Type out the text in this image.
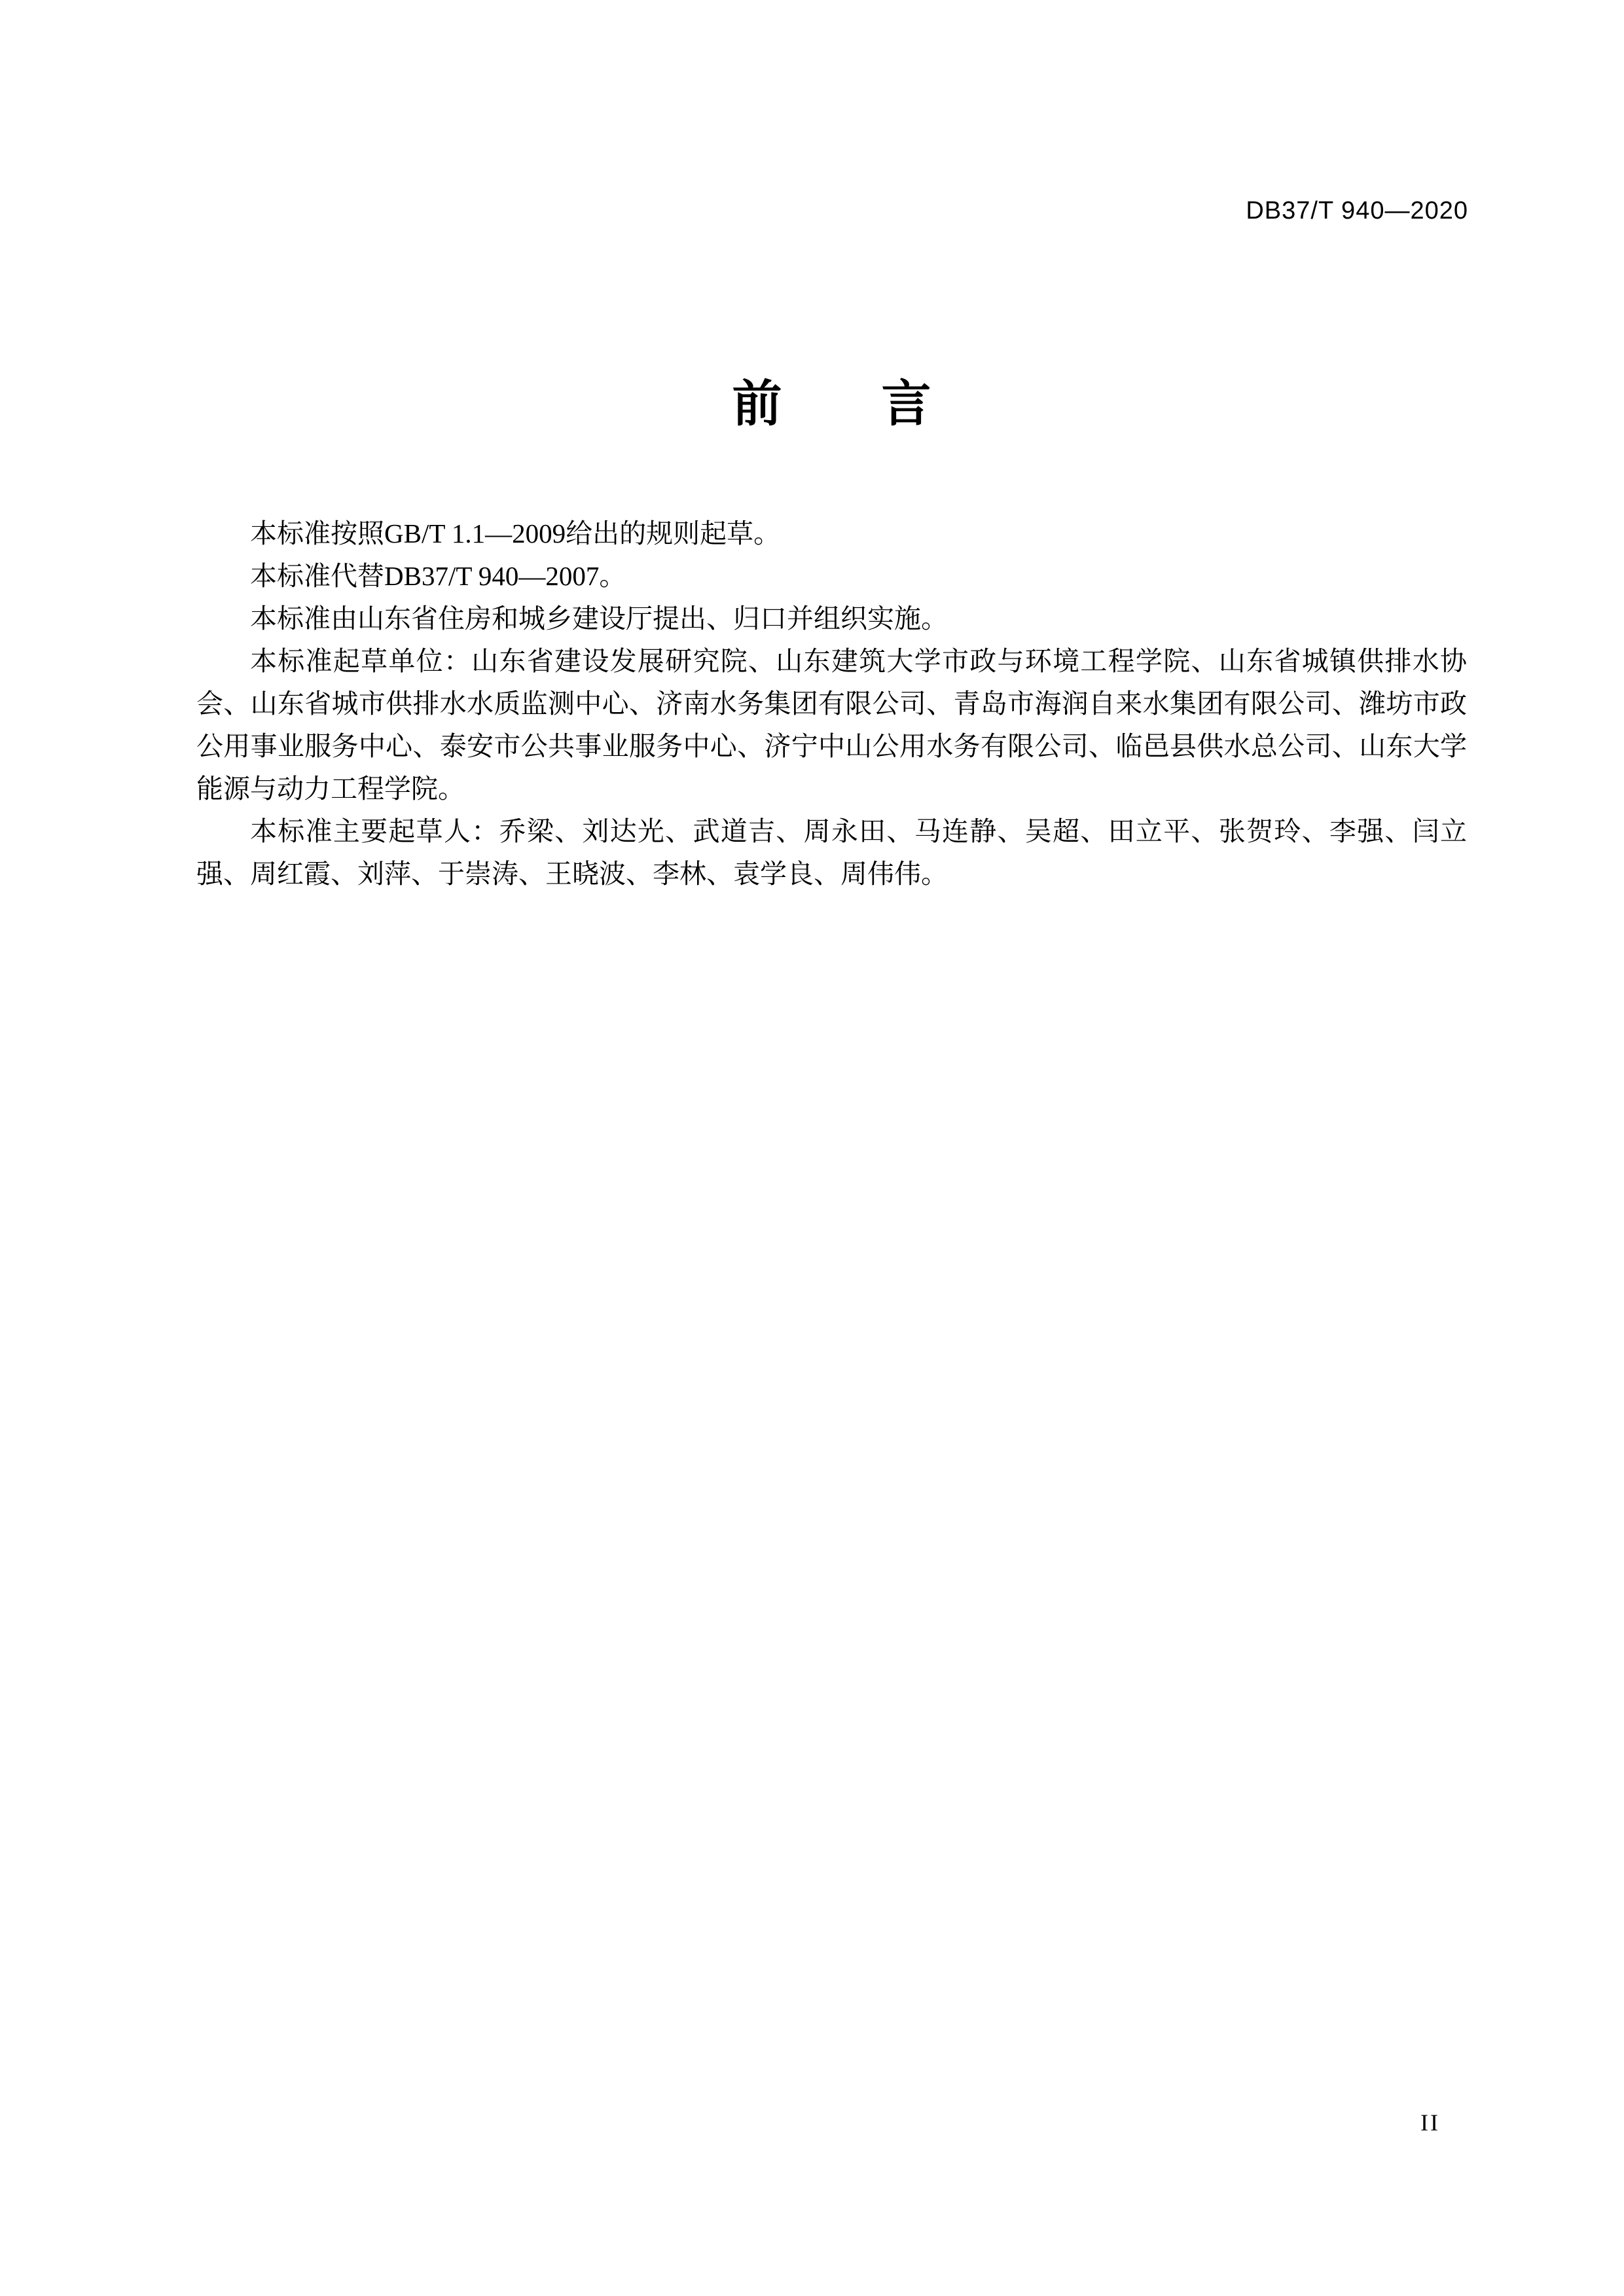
DB37/T 940—2020
前　　言

本标准按照GB/T 1.1—2009给出的规则起草。

本标准代替DB37/T 940—2007。

本标准由山东省住房和城乡建设厅提出、归口并组织实施。

本标准起草单位：山东省建设发展研究院、山东建筑大学市政与环境工程学院、山东省城镇供排水协会、山东省城市供排水水质监测中心、济南水务集团有限公司、青岛市海润自来水集团有限公司、潍坊市政公用事业服务中心、泰安市公共事业服务中心、济宁中山公用水务有限公司、临邑县供水总公司、山东大学能源与动力工程学院。

本标准主要起草人：乔梁、刘达光、武道吉、周永田、马连静、吴超、田立平、张贺玲、李强、闫立强、周红霞、刘萍、于崇涛、王晓波、李林、袁学良、周伟伟。

II
